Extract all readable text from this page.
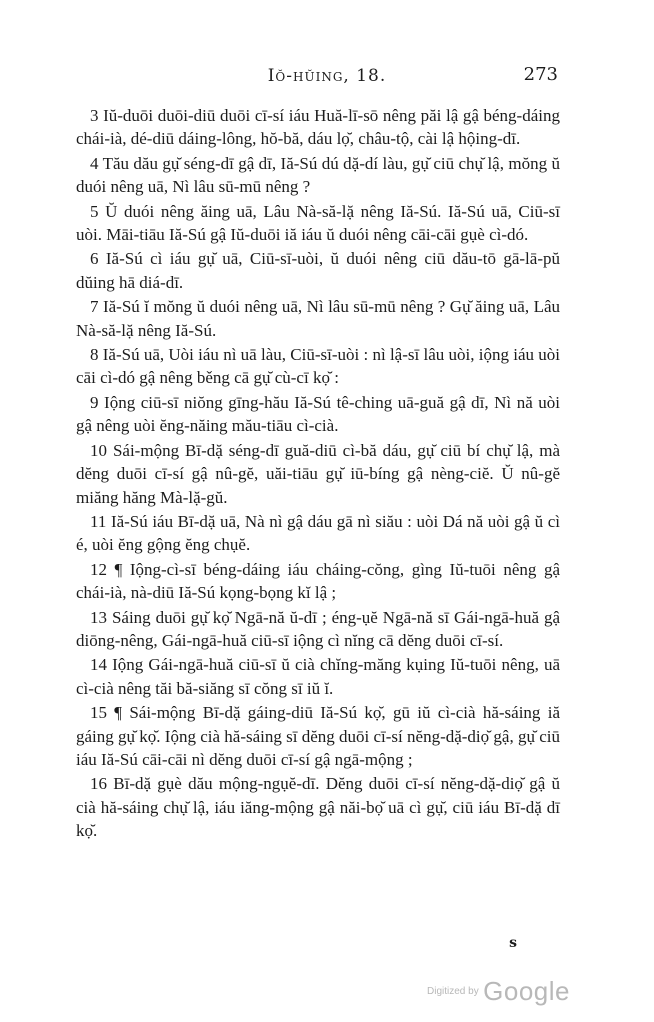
Iŏ-hŭing, 18.	273

3 Iŭ-duōi duōi-diū duōi cī-sí iáu Huă-lī-sō nêng păi lậ gậ béng-dáing chái-ià, dé-diū dáing-lông, hŏ-bă, dáu lọ̆, châu-tộ, cài lậ hộing-dī.

4 Tău dău gụ̆ séng-dī gậ dī, Iă-Sú dú dặ-dí làu, gụ̆ ciū chụ̆ lậ, mŏng ŭ duói nêng uā, Nì lâu sū-mū nêng ?

5 Ŭ duói nêng ăing uā, Lâu Nà-să-lặ nêng Iă-Sú. Iă-Sú uā, Ciū-sī uòi. Māi-tiāu Iă-Sú gậ Iŭ-duōi iă iáu ŭ duói nêng cāi-cāi gụè cì-dó.

6 Iă-Sú cì iáu gụ̆ uā, Ciū-sī-uòi, ŭ duói nêng ciū dău-tō gā-lā-pŭ dŭing hā diá-dī.

7 Iă-Sú ĭ mŏng ŭ duói nêng uā, Nì lâu sū-mū nêng ? Gụ̆ ăing uā, Lâu Nà-să-lặ nêng Iă-Sú.

8 Iă-Sú uā, Uòi iáu nì uā làu, Ciū-sī-uòi : nì lậ-sī lâu uòi, iộng iáu uòi cāi cì-dó gậ nêng běng cā gụ̆ cù-cī kọ̆ :

9 Iộng ciū-sī niŏng gīng-hău Iă-Sú tê-ching uā-guă gậ dī, Nì nă uòi gậ nêng uòi ĕng-năing mău-tiāu cì-cià.

10 Sái-mộng Bī-dặ séng-dī guă-diū cì-bă dáu, gụ̆ ciū bí chụ̆ lậ, mà dĕng duōi cī-sí gậ nû-gĕ, uăi-tiāu gụ̆ iū-bíng gậ nèng-ciĕ. Ŭ nû-gĕ miăng hăng Mà-lặ-gŭ.

11 Iă-Sú iáu Bī-dặ uā, Nà nì gậ dáu gā nì siău : uòi Dá nă uòi gậ ŭ cì é, uòi ĕng gộng ĕng chụĕ.

12 ¶ Iộng-cì-sī béng-dáing iáu cháing-cŏng, gìng Iŭ-tuōi nêng gậ chái-ià, nà-diū Iă-Sú kọng-bọng kĭ lậ ;

13 Sáing duōi gụ̆ kọ̆ Ngā-nă ŭ-dī ; éng-ụĕ Ngā-nă sī Gái-ngā-huă gậ diōng-nêng, Gái-ngā-huă ciū-sī iộng cì nĭng cā dĕng duōi cī-sí.

14 Iộng Gái-ngā-huă ciū-sī ŭ cià chĭng-măng kụing Iŭ-tuōi nêng, uā cì-cià nêng tăi bă-siăng sī cŏng sī iŭ ĭ.

15 ¶ Sái-mộng Bī-dặ gáing-diū Iă-Sú kọ̆, gū iŭ cì-cià hă-sáing iă gáing gụ̆ kọ̆. Iộng cià hă-sáing sī dĕng duōi cī-sí nĕng-dặ-diọ̆ gậ, gụ̆ ciū iáu Iă-Sú cāi-cāi nì dĕng duōi cī-sí gậ ngā-mộng ;

16 Bī-dặ gụè dău mộng-ngụĕ-dī. Dĕng duōi cī-sí nĕng-dặ-diọ̆ gậ ŭ cià hă-sáing chụ̆ lậ, iáu iăng-mộng gậ năi-bọ̆ uā cì gụ̆, ciū iáu Bī-dặ dī kọ̆.

s
Digitized by Google
